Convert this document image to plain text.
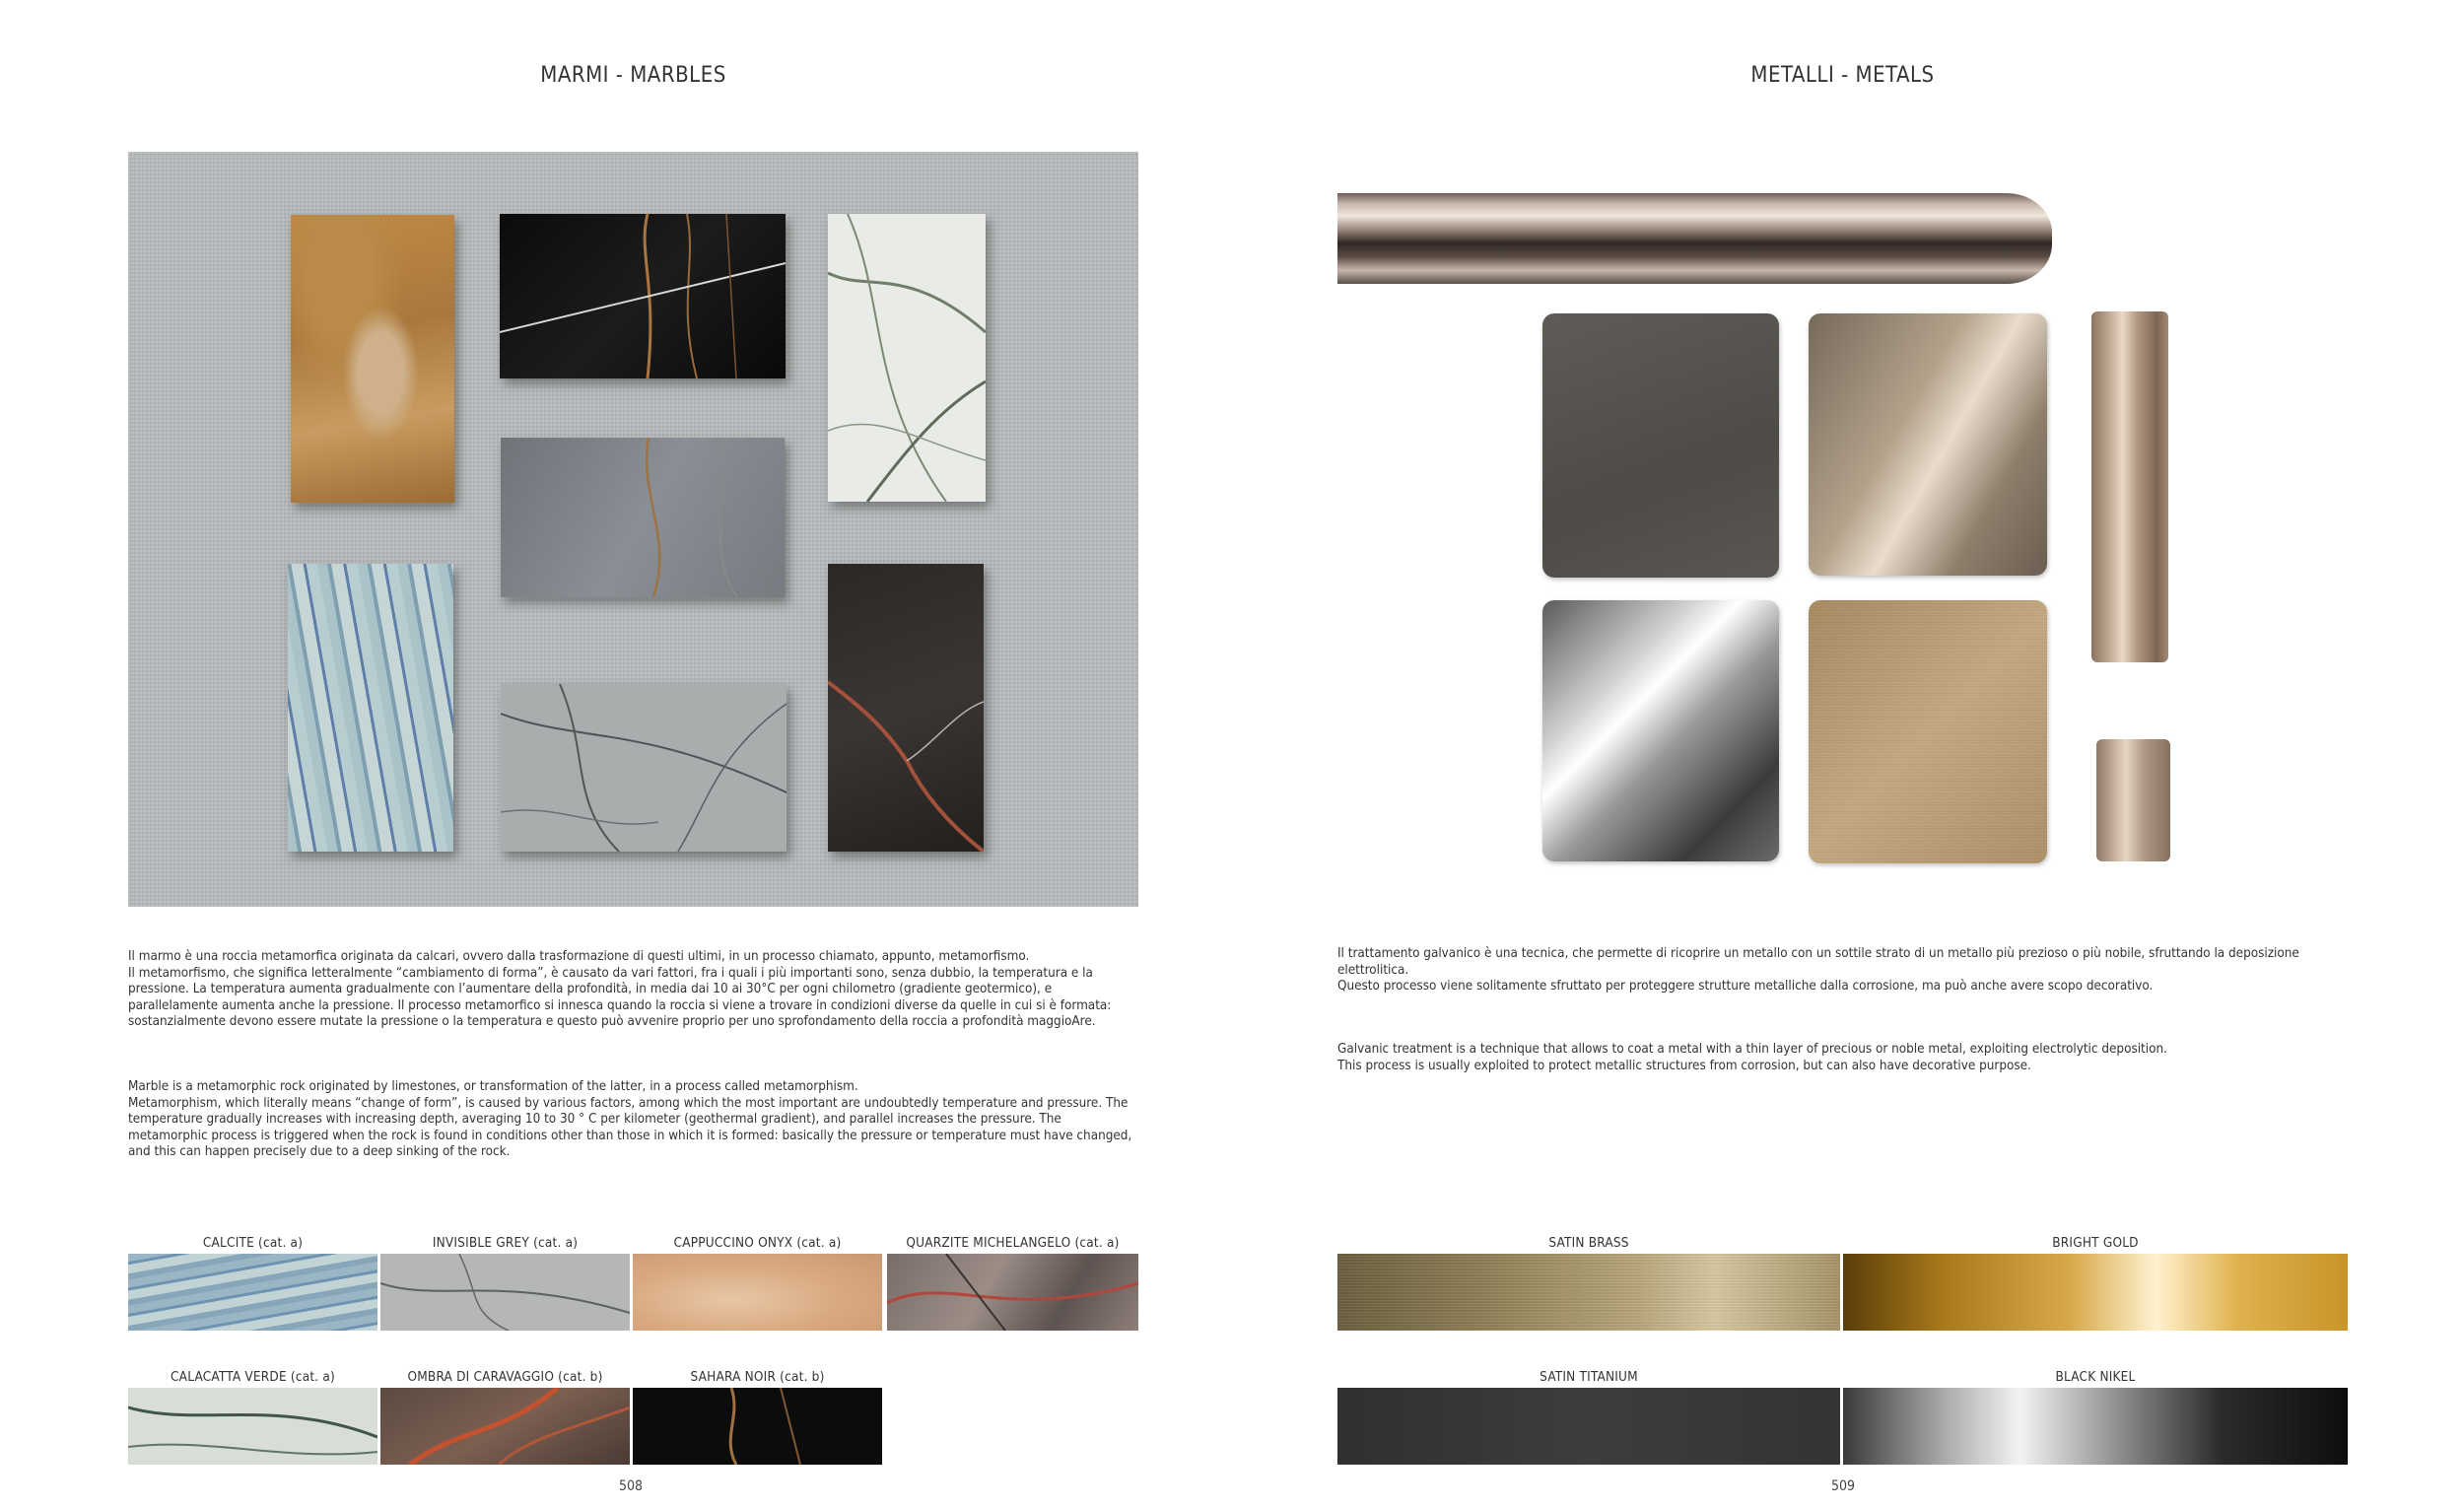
MARMI - MARBLES

Il marmo è una roccia metamorfica originata da calcari, ovvero dalla trasformazione di questi ultimi, in un processo chiamato, appunto, metamorfismo.

Il metamorfismo, che significa letteralmente “cambiamento di forma”, è causato da vari fattori, fra i quali i più importanti sono, senza dubbio, la temperatura e la pressione. La temperatura aumenta gradualmente con l’aumentare della profondità, in media dai 10 ai 30°C per ogni chilometro (gradiente geotermico), e parallelamente aumenta anche la pressione. Il processo metamorfico si innesca quando la roccia si viene a trovare in condizioni diverse da quelle in cui si è formata: sostanzialmente devono essere mutate la pressione o la temperatura e questo può avvenire proprio per uno sprofondamento della roccia a profondità maggioAre.

Marble is a metamorphic rock originated by limestones, or transformation of the latter, in a process called metamorphism.

Metamorphism, which literally means “change of form”, is caused by various factors, among which the most important are undoubtedly temperature and pressure. The temperature gradually increases with increasing depth, averaging 10 to 30 ° C per kilometer (geothermal gradient), and parallel increases the pressure. The metamorphic process is triggered when the rock is found in conditions other than those in which it is formed: basically the pressure or temperature must have changed, and this can happen precisely due to a deep sinking of the rock.

CALCITE (cat. a)	INVISIBLE GREY (cat. a)	CAPPUCCINO ONYX (cat. a)	QUARZITE MICHELANGELO (cat. a)
CALACATTA VERDE (cat. a)	OMBRA DI CARAVAGGIO (cat. b)	SAHARA NOIR (cat. b)
508
METALLI - METALS

Il trattamento galvanico è una tecnica, che permette di ricoprire un metallo con un sottile strato di un metallo più prezioso o più nobile, sfruttando la deposizione elettrolitica.

Questo processo viene solitamente sfruttato per proteggere strutture metalliche dalla corrosione, ma può anche avere scopo decorativo.

Galvanic treatment is a technique that allows to coat a metal with a thin layer of precious or noble metal, exploiting electrolytic deposition.

This process is usually exploited to protect metallic structures from corrosion, but can also have decorative purpose.

SATIN BRASS	BRIGHT GOLD
SATIN TITANIUM	BLACK NIKEL
509
